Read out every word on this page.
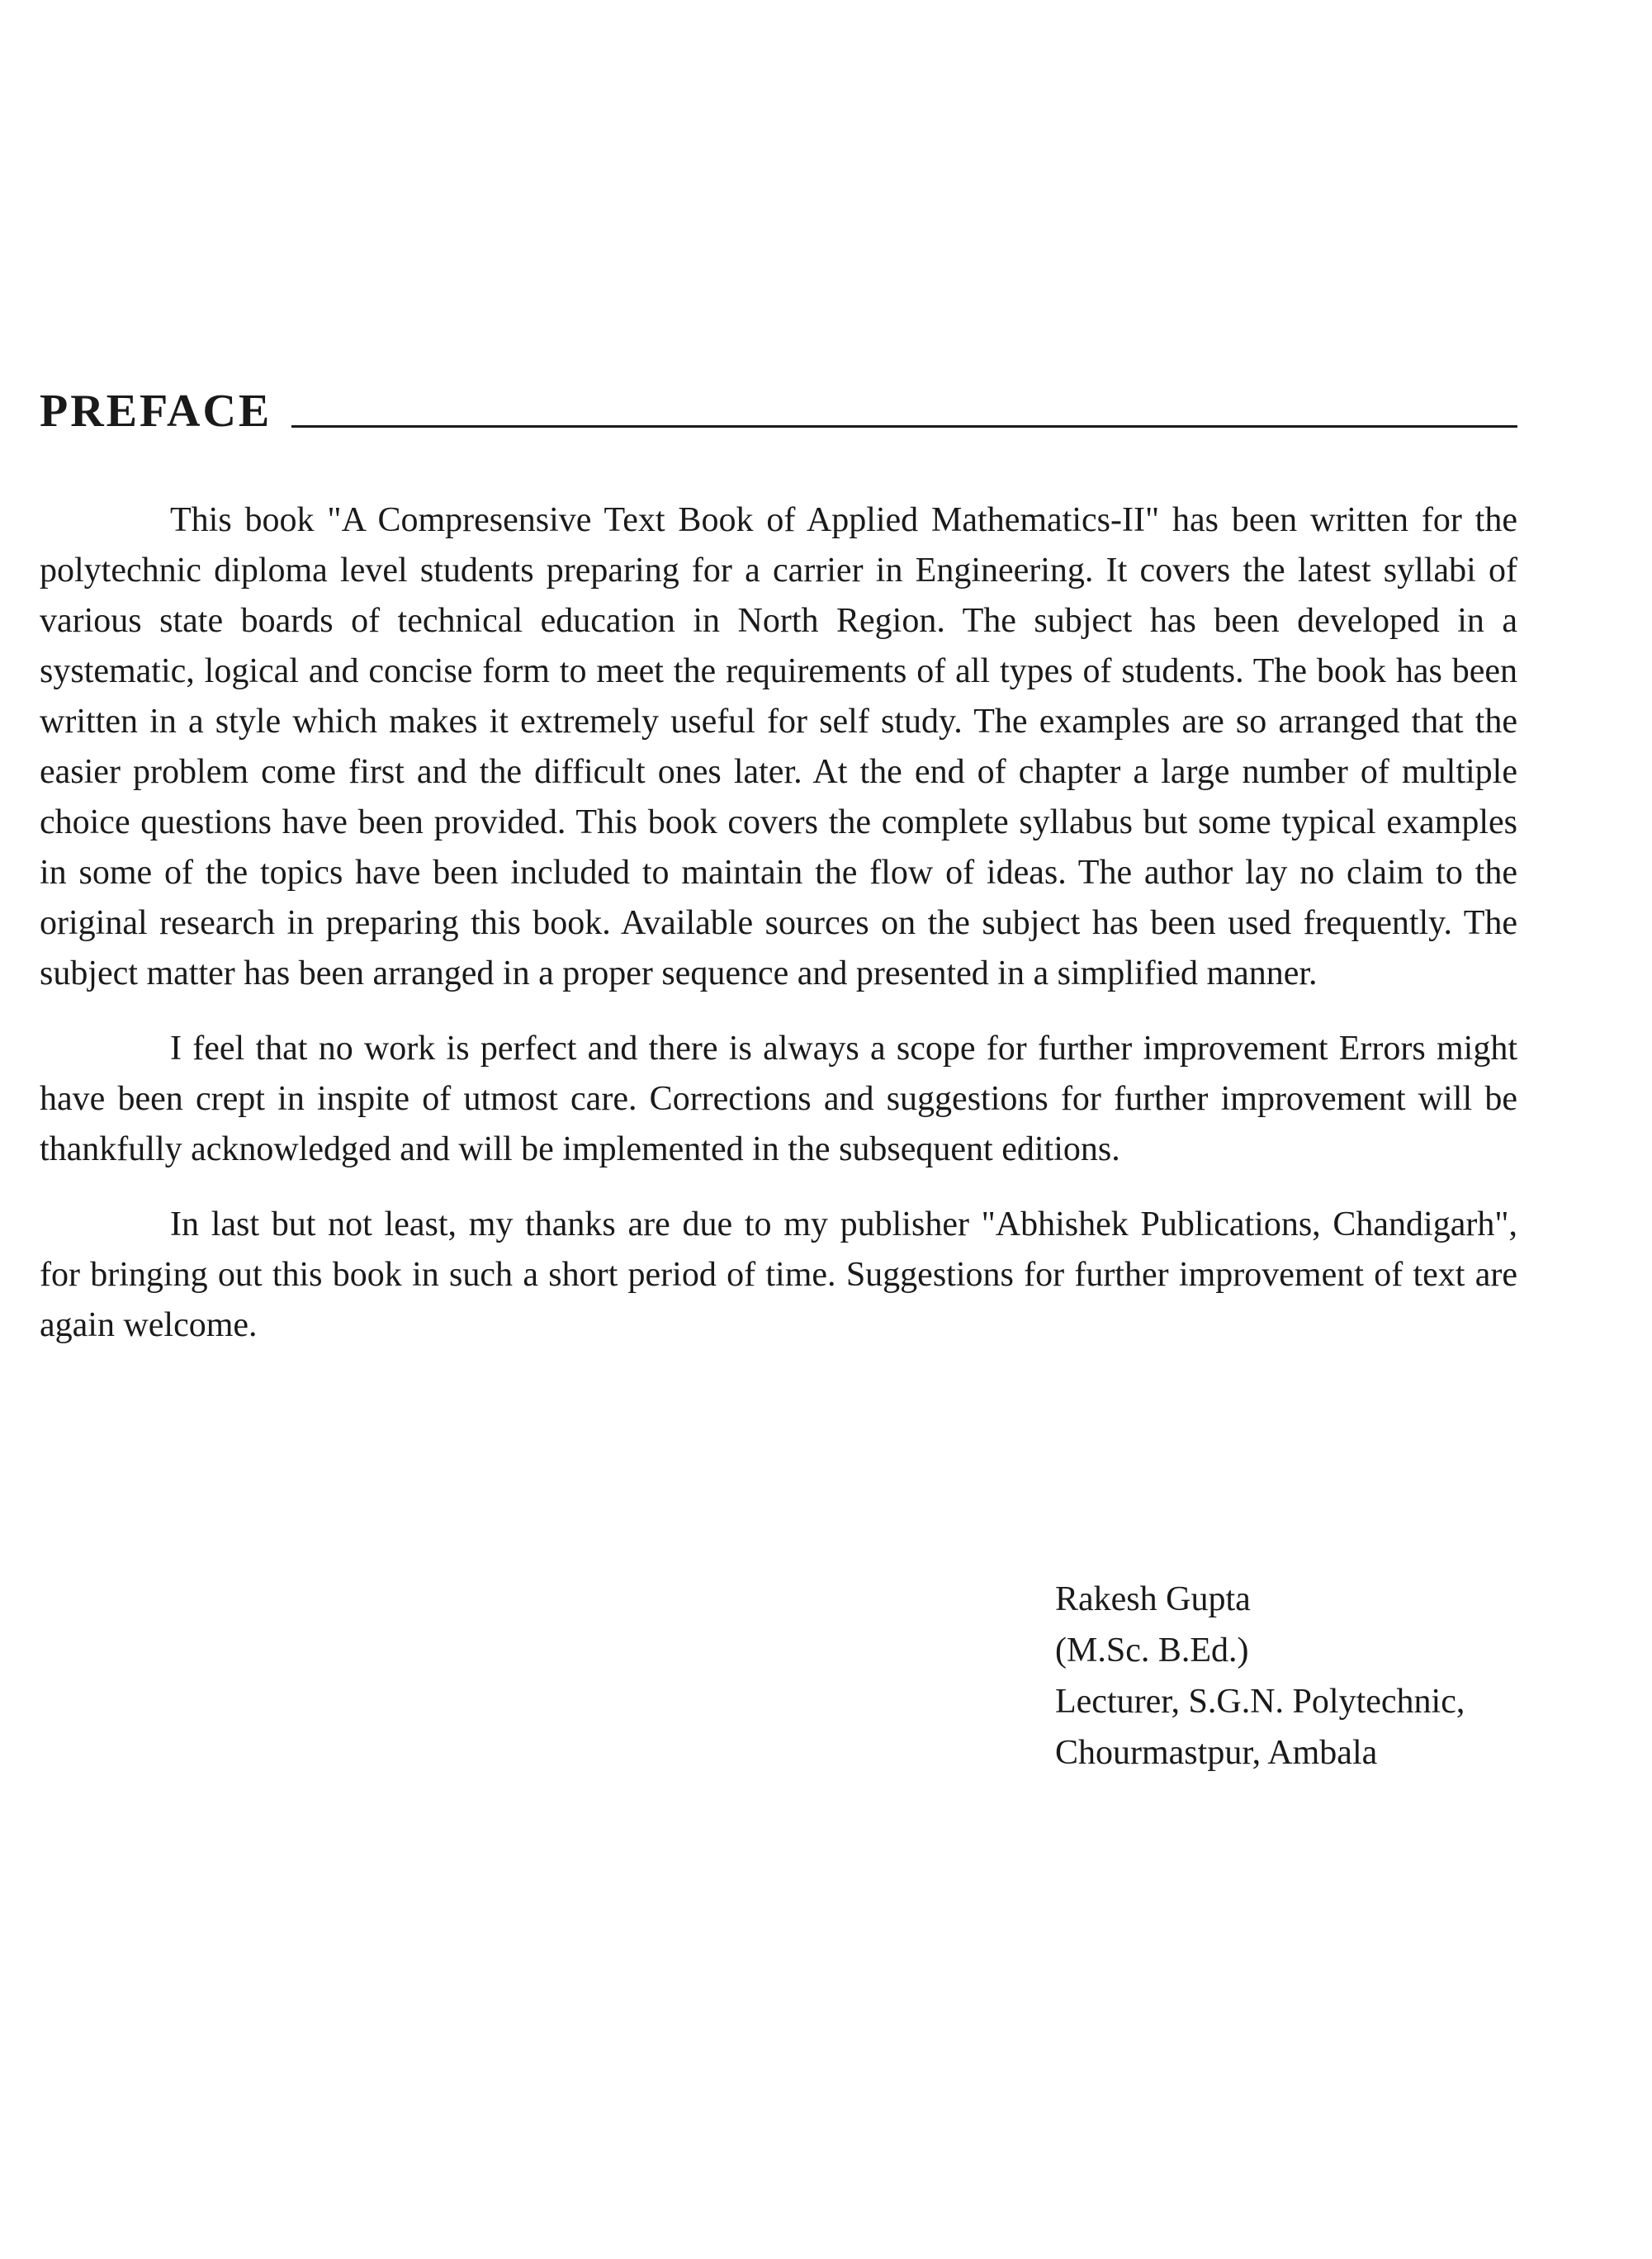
PREFACE

This book "A Compresensive Text Book of Applied Mathematics-II" has been written for the polytechnic diploma level students preparing for a carrier in Engineering. It covers the latest syllabi of various state boards of technical education in North Region. The subject has been developed in a systematic, logical and concise form to meet the requirements of all types of students. The book has been written in a style which makes it extremely useful for self study. The examples are so arranged that the easier problem come first and the difficult ones later. At the end of chapter a large number of multiple choice questions have been provided. This book covers the complete syllabus but some typical examples in some of the topics have been included to maintain the flow of ideas. The author lay no claim to the original research in preparing this book. Available sources on the subject has been used frequently. The subject matter has been arranged in a proper sequence and presented in a simplified manner.

I feel that no work is perfect and there is always a scope for further improvement Errors might have been crept in inspite of utmost care. Corrections and suggestions for further improvement will be thankfully acknowledged and will be implemented in the subsequent editions.

In last but not least, my thanks are due to my publisher "Abhishek Publications, Chandigarh", for bringing out this book in such a short period of time. Suggestions for further improvement of text are again welcome.

Rakesh Gupta
(M.Sc. B.Ed.)
Lecturer, S.G.N. Polytechnic,
Chourmastpur, Ambala
